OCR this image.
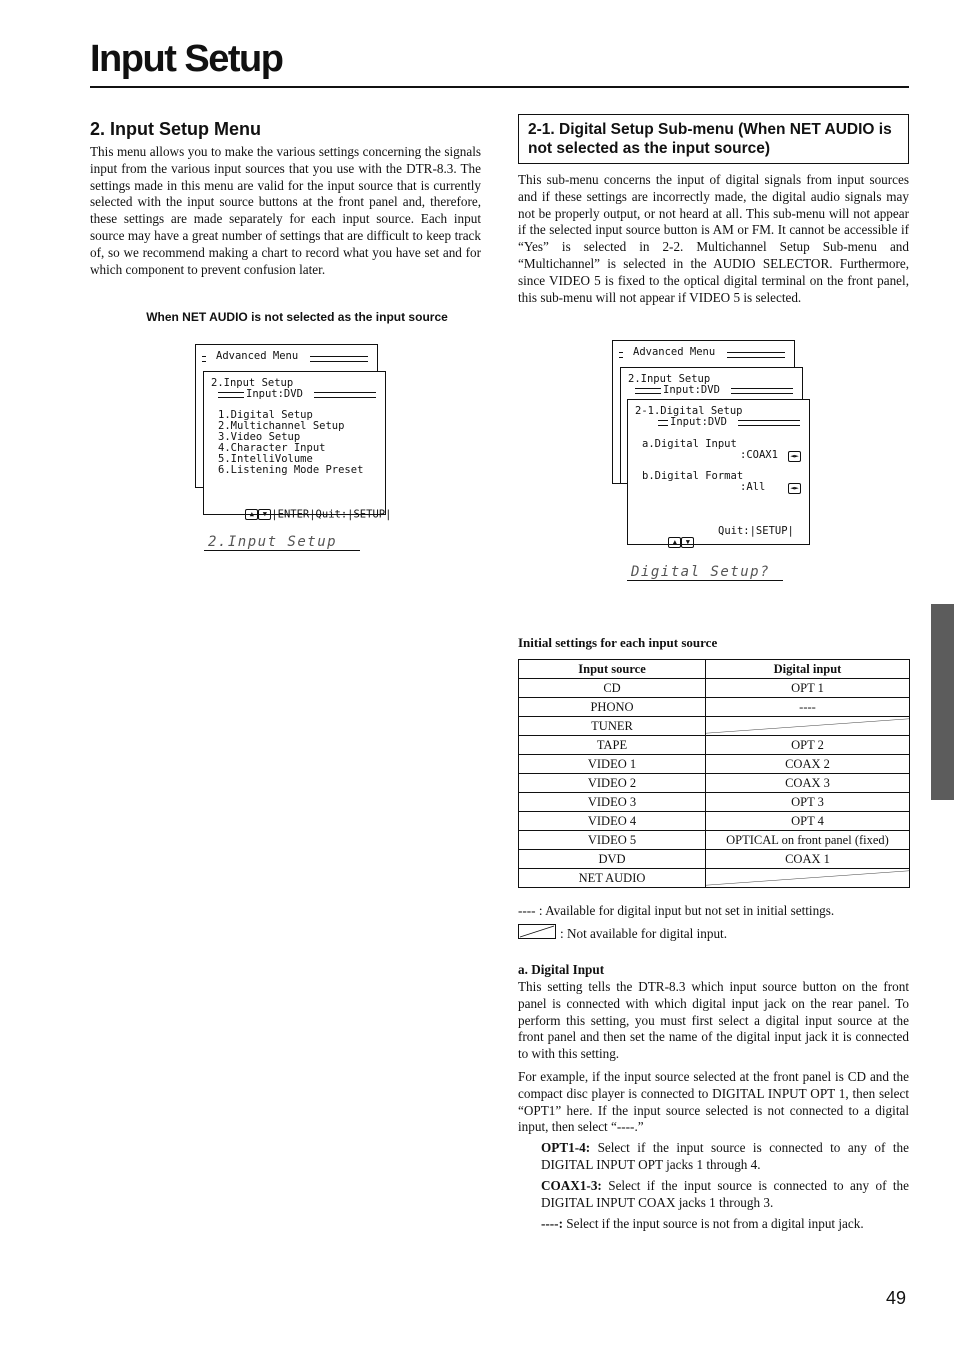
Input Setup
2. Input Setup Menu
This menu allows you to make the various settings concerning the signals input from the various input sources that you use with the DTR-8.3. The settings made in this menu are valid for the input source that is currently selected with the input source buttons at the front panel and, therefore, these settings are made separately for each input source. Each input source may have a great number of settings that are difficult to keep track of, so we recommend making a chart to record what you have set and for which component to prevent confusion later.
When NET AUDIO is not selected as the input source

Advanced Menu

2.Input Setup

Input:DVD

1.Digital Setup

2.Multichannel Setup

3.Video Setup

4.Character Input

5.IntelliVolume

6.Listening Mode Preset

▲ ▼ |ENTER|Quit:|SETUP|

2.Input Setup
2-1. Digital Setup Sub-menu (When NET AUDIO is not selected as the input source)
This sub-menu concerns the input of digital signals from input sources and if these settings are incorrectly made, the digital audio signals may not be properly output, or not heard at all. This sub-menu will not appear if the selected input source button is AM or FM. It cannot be accessible if “Yes” is selected in 2-2. Multichannel Setup Sub-menu and “Multichannel” is selected in the AUDIO SELECTOR. Furthermore, since VIDEO 5 is fixed to the optical digital terminal on the front panel, this sub-menu will not appear if VIDEO 5 is selected.

Advanced Menu

2.Input Setup

Input:DVD

2-1.Digital Setup

Input:DVD

a.Digital Input

:COAX1

	◄►

b.Digital Format

:All

	◄►

▲ ▼

Quit:|SETUP|

Digital Setup?
Initial settings for each input source
Input source	Digital input
CD	OPT 1
PHONO	----
TUNER	

TAPE	OPT 2
VIDEO 1	COAX 2
VIDEO 2	COAX 3
VIDEO 3	OPT 3
VIDEO 4	OPT 4
VIDEO 5	OPTICAL on front panel (fixed)
DVD	COAX 1
NET AUDIO	
---- : Available for digital input but not set in initial settings.
: Not available for digital input.
a. Digital Input
This setting tells the DTR-8.3 which input source button on the front panel is connected with which digital input jack on the rear panel. To perform this setting, you must first select a digital input source at the front panel and then set the name of the digital input jack it is connected to with this setting.
For example, if the input source selected at the front panel is CD and the compact disc player is connected to DIGITAL INPUT OPT 1, then select “OPT1” here. If the input source selected is not connected to a digital input, then select “----.”
OPT1-4: Select if the input source is connected to any of the DIGITAL INPUT OPT jacks 1 through 4.
COAX1-3: Select if the input source is connected to any of the DIGITAL INPUT COAX jacks 1 through 3.
----: Select if the input source is not from a digital input jack.
49
